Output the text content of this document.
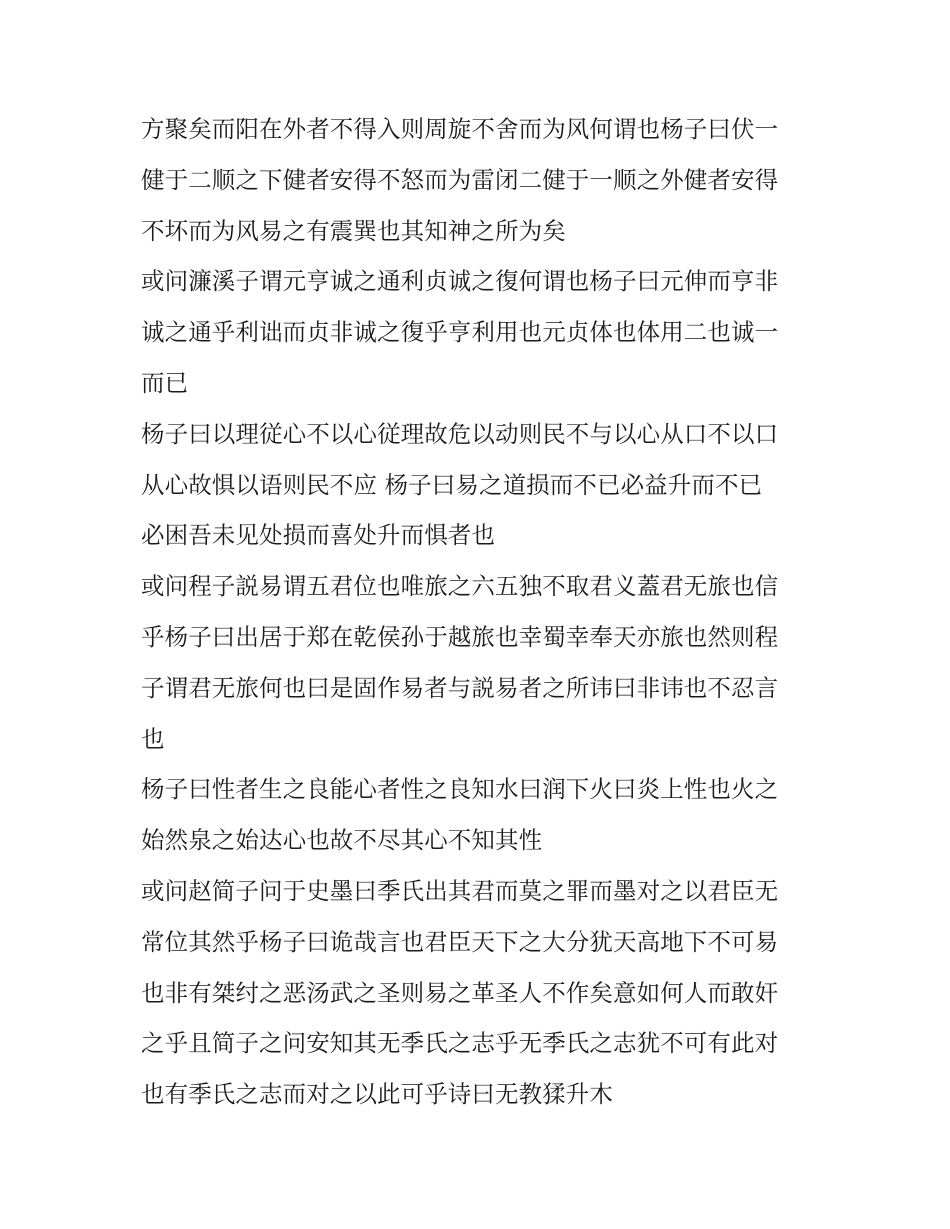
方聚矣而阳在外者不得入则周旋不舍而为风何谓也杨子曰伏一
健于二顺之下健者安得不怒而为雷闭二健于一顺之外健者安得
不坏而为风易之有震巽也其知神之所为矣
或问濂溪子谓元亨诚之通利贞诚之復何谓也杨子曰元伸而亨非
诚之通乎利诎而贞非诚之復乎亨利用也元贞体也体用二也诚一
而已
杨子曰以理従心不以心従理故危以动则民不与以心从口不以口
从心故惧以语则民不应 杨子曰易之道损而不已必益升而不已
必困吾未见处损而喜处升而惧者也
或问程子説易谓五君位也唯旅之六五独不取君义蓋君无旅也信
乎杨子曰出居于郑在乾侯孙于越旅也幸蜀幸奉天亦旅也然则程
子谓君无旅何也曰是固作易者与説易者之所讳曰非讳也不忍言
也
杨子曰性者生之良能心者性之良知水曰润下火曰炎上性也火之
始然泉之始达心也故不尽其心不知其性
或问赵简子问于史墨曰季氏出其君而莫之罪而墨对之以君臣无
常位其然乎杨子曰诡哉言也君臣天下之大分犹天高地下不可易
也非有桀纣之恶汤武之圣则易之革圣人不作矣意如何人而敢奸
之乎且简子之问安知其无季氏之志乎无季氏之志犹不可有此对
也有季氏之志而对之以此可乎诗曰无教猱升木
